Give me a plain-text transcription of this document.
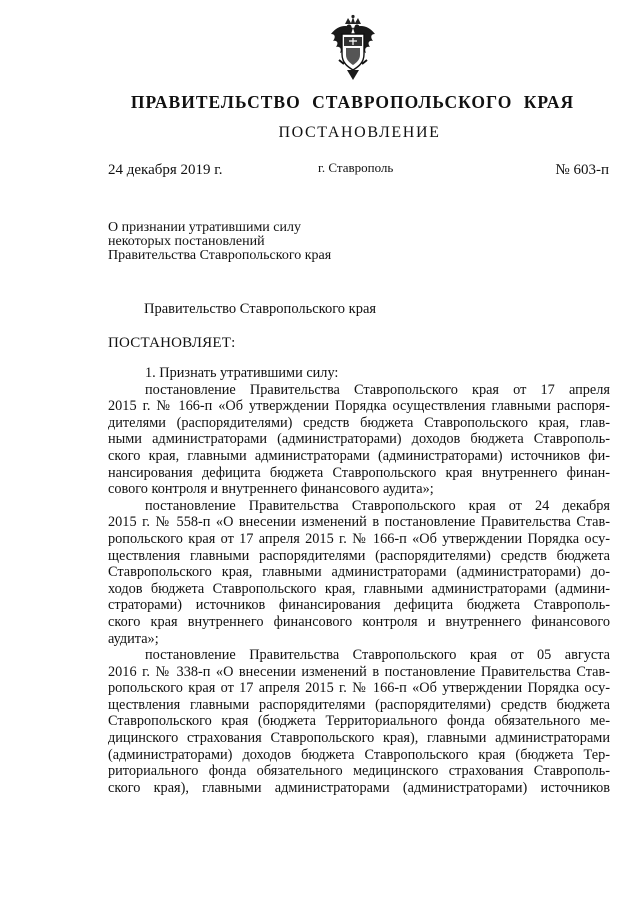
ПРАВИТЕЛЬСТВО СТАВРОПОЛЬСКОГО КРАЯ
ПОСТАНОВЛЕНИЕ
24 декабря 2019 г.	г. Ставрополь	№ 603-п
О признании утратившими силу
некоторых постановлений
Правительства Ставропольского края
Правительство Ставропольского края
ПОСТАНОВЛЯЕТ:
1. Признать утратившими силу:
постановление Правительства Ставропольского края от 17 апреля
2015 г. № 166-п «Об утверждении Порядка осуществления главными распоря-
дителями (распорядителями) средств бюджета Ставропольского края, глав-
ными администраторами (администраторами) доходов бюджета Ставрополь-
ского края, главными администраторами (администраторами) источников фи-
нансирования дефицита бюджета Ставропольского края внутреннего финан-
сового контроля и внутреннего финансового аудита»;
постановление Правительства Ставропольского края от 24 декабря
2015 г. № 558-п «О внесении изменений в постановление Правительства Став-
ропольского края от 17 апреля 2015 г. № 166-п «Об утверждении Порядка осу-
ществления главными распорядителями (распорядителями) средств бюджета
Ставропольского края, главными администраторами (администраторами) до-
ходов бюджета Ставропольского края, главными администраторами (админи-
страторами) источников финансирования дефицита бюджета Ставрополь-
ского края внутреннего финансового контроля и внутреннего финансового
аудита»;
постановление Правительства Ставропольского края от 05 августа
2016 г. № 338-п «О внесении изменений в постановление Правительства Став-
ропольского края от 17 апреля 2015 г. № 166-п «Об утверждении Порядка осу-
ществления главными распорядителями (распорядителями) средств бюджета
Ставропольского края (бюджета Территориального фонда обязательного ме-
дицинского страхования Ставропольского края), главными администраторами
(администраторами) доходов бюджета Ставропольского края (бюджета Тер-
риториального фонда обязательного медицинского страхования Ставрополь-
ского края), главными администраторами (администраторами) источников
